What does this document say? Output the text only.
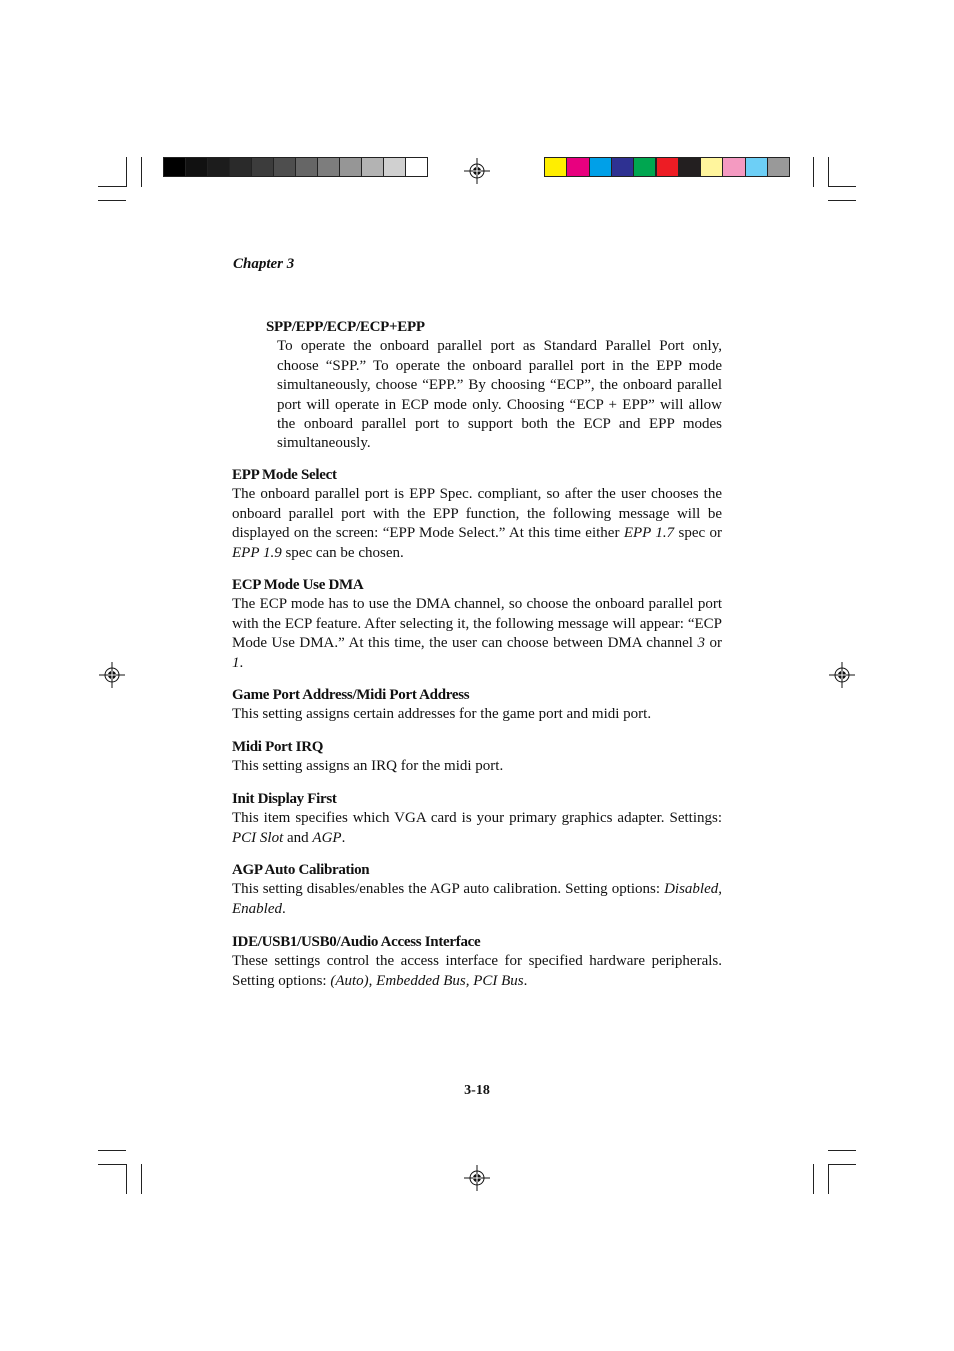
Chapter 3
SPP/EPP/ECP/ECP+EPP

To operate the onboard parallel port as Standard Parallel Port only, choose “SPP.” To operate the onboard parallel port in the EPP mode simultaneously, choose “EPP.” By choosing “ECP”, the onboard parallel port will operate in ECP mode only. Choosing “ECP + EPP” will allow the onboard parallel port to support both the ECP and EPP modes simultaneously.

EPP Mode Select

The onboard parallel port is EPP Spec. compliant, so after the user chooses the onboard parallel port with the EPP function, the following message will be displayed on the screen: “EPP Mode Select.” At this time either EPP 1.7 spec or EPP 1.9 spec can be chosen.

ECP Mode Use DMA

The ECP mode has to use the DMA channel, so choose the onboard parallel port with the ECP feature. After selecting it, the following message will appear: “ECP Mode Use DMA.” At this time, the user can choose between DMA channel 3 or 1.

Game Port Address/Midi Port Address

This setting assigns certain addresses for the game port and midi port.

Midi Port IRQ

This setting assigns an IRQ for the midi port.

Init Display First

This item specifies which VGA card is your primary graphics adapter. Settings: PCI Slot and AGP.

AGP Auto Calibration

This setting disables/enables the AGP auto calibration. Setting options: Disabled, Enabled.

IDE/USB1/USB0/Audio Access Interface

These settings control the access interface for specified hardware peripherals. Setting options: (Auto), Embedded Bus, PCI Bus.

3-18
